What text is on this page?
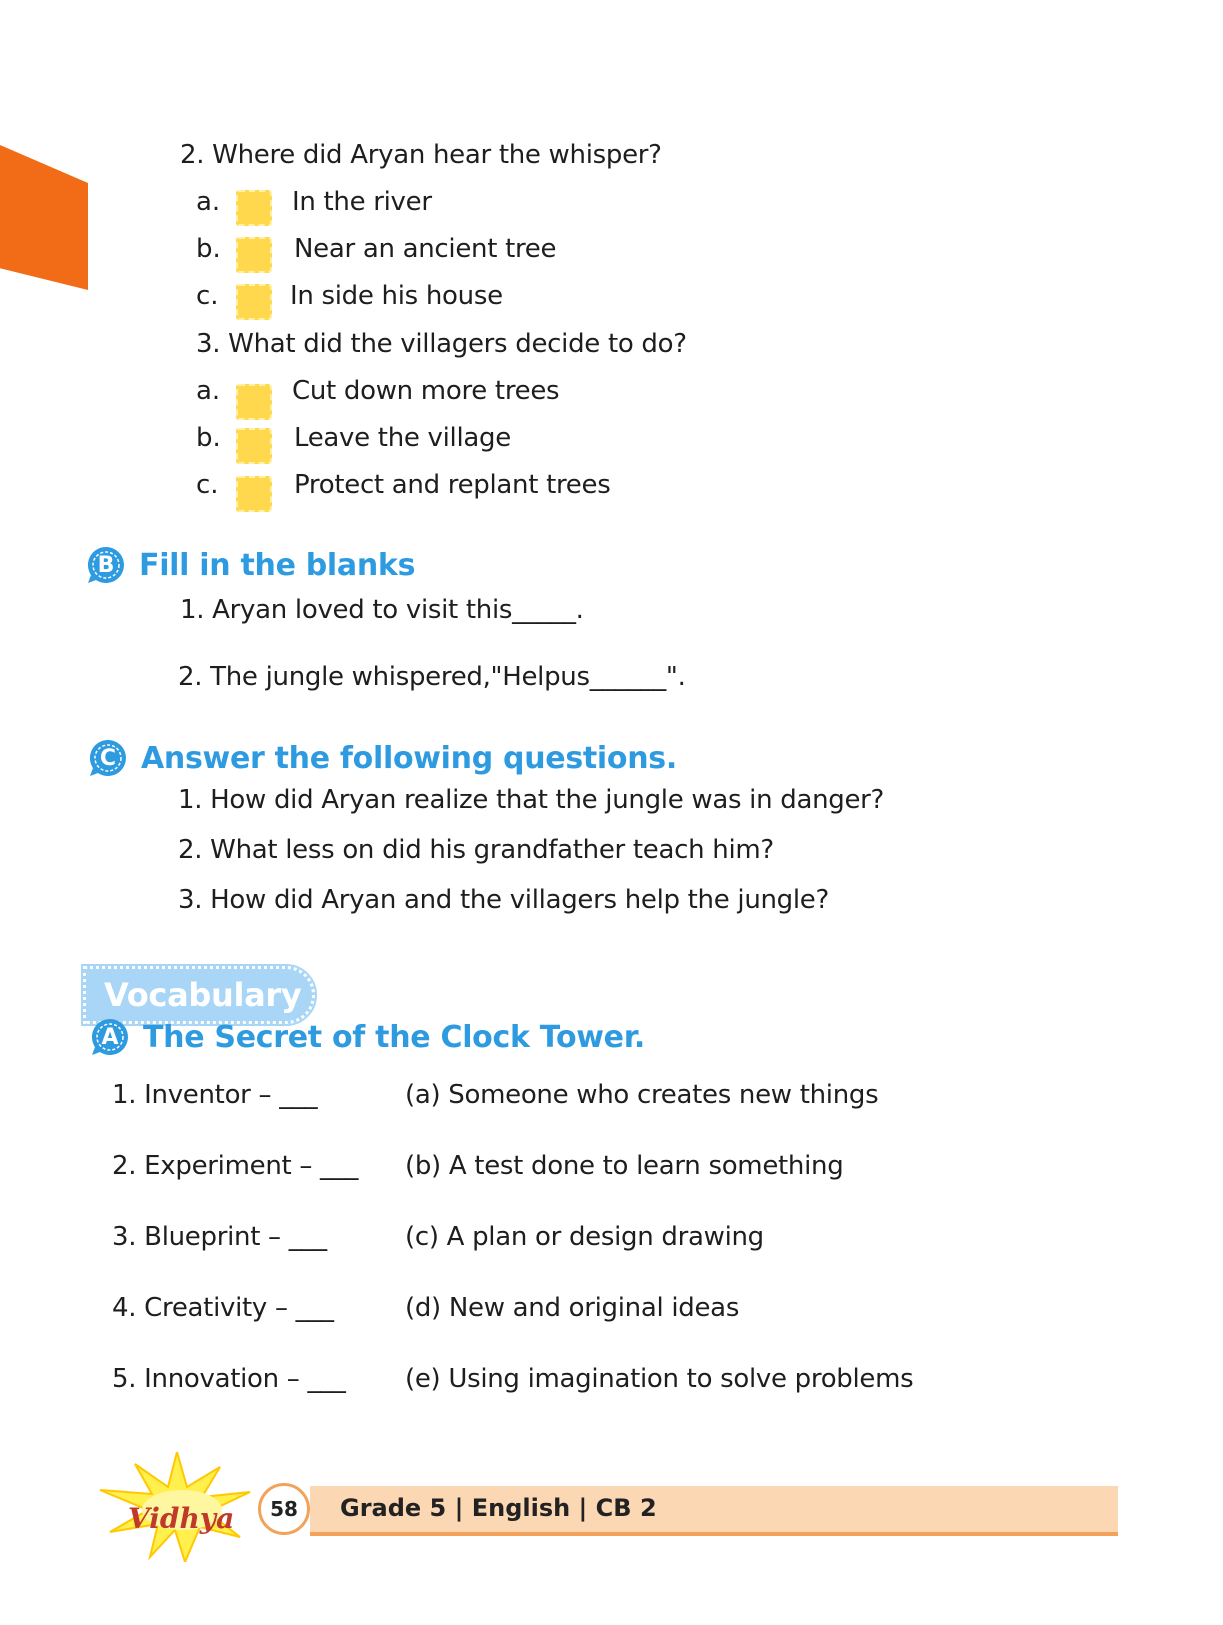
2. Where did Aryan hear the whisper?
a.	In the river
b.	Near an ancient tree
c.	In side his house
3. What did the villagers decide to do?
a.	Cut down more trees
b.	Leave the village
c.	Protect and replant trees
B Fill in the blanks
1. Aryan loved to visit this_____.
2. The jungle whispered,"Helpus______".
C Answer the following questions.
1. How did Aryan realize that the jungle was in danger?
2. What less on did his grandfather teach him?
3. How did Aryan and the villagers help the jungle?
Vocabulary
A The Secret of the Clock Tower.
1. Inventor – ___	(a) Someone who creates new things
2. Experiment – ___ (b) A test done to learn something
3. Blueprint – ___	(c) A plan or design drawing
4. Creativity – ___	(d) New and original ideas
5. Innovation – ___ (e) Using imagination to solve problems
Vidhya	58	Grade 5 | English | CB 2
